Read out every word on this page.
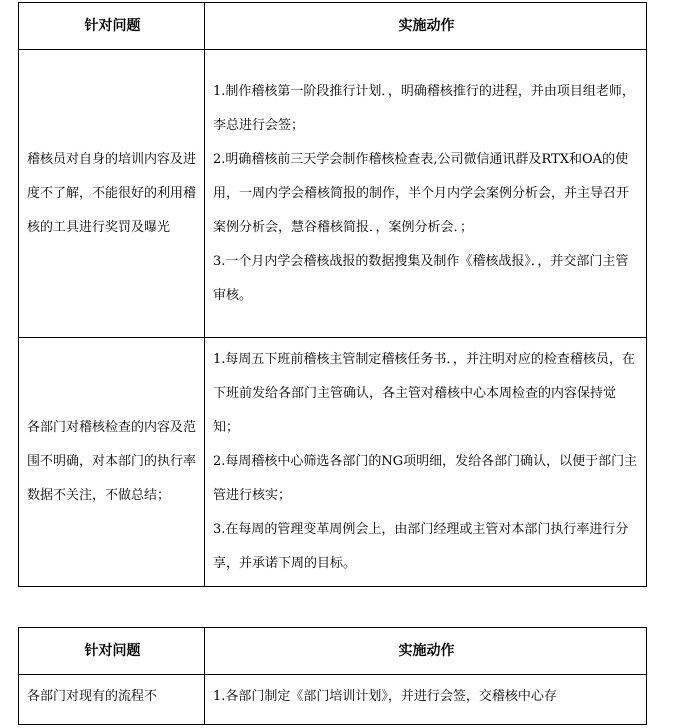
针对问题	实施动作
稽核员对自身的培训内容及进度不了解，不能很好的利用稽核的工具进行奖罚及曝光	1.制作稽核第一阶段推行计划．，明确稽核推行的进程，并由项目组老师，李总进行会签；

2.明确稽核前三天学会制作稽核检查表,公司微信通讯群及RTX和OA的使用，一周内学会稽核简报的制作，半个月内学会案例分析会，并主导召开案例分析会，慧谷稽核简报．，案例分析会．；

3.一个月内学会稽核战报的数据搜集及制作《稽核战报》．，并交部门主管审核。

各部门对稽核检查的内容及范围不明确，对本部门的执行率数据不关注，不做总结；	1.每周五下班前稽核主管制定稽核任务书．，并注明对应的检查稽核员，在下班前发给各部门主管确认，各主管对稽核中心本周检查的内容保持觉知；

2.每周稽核中心筛选各部门的NG项明细，发给各部门确认，以便于部门主管进行核实；

3.在每周的管理变革周例会上，由部门经理或主管对本部门执行率进行分享，并承诺下周的目标。

针对问题	实施动作
各部门对现有的流程不	1.各部门制定《部门培训计划》，并进行会签，交稽核中心存
